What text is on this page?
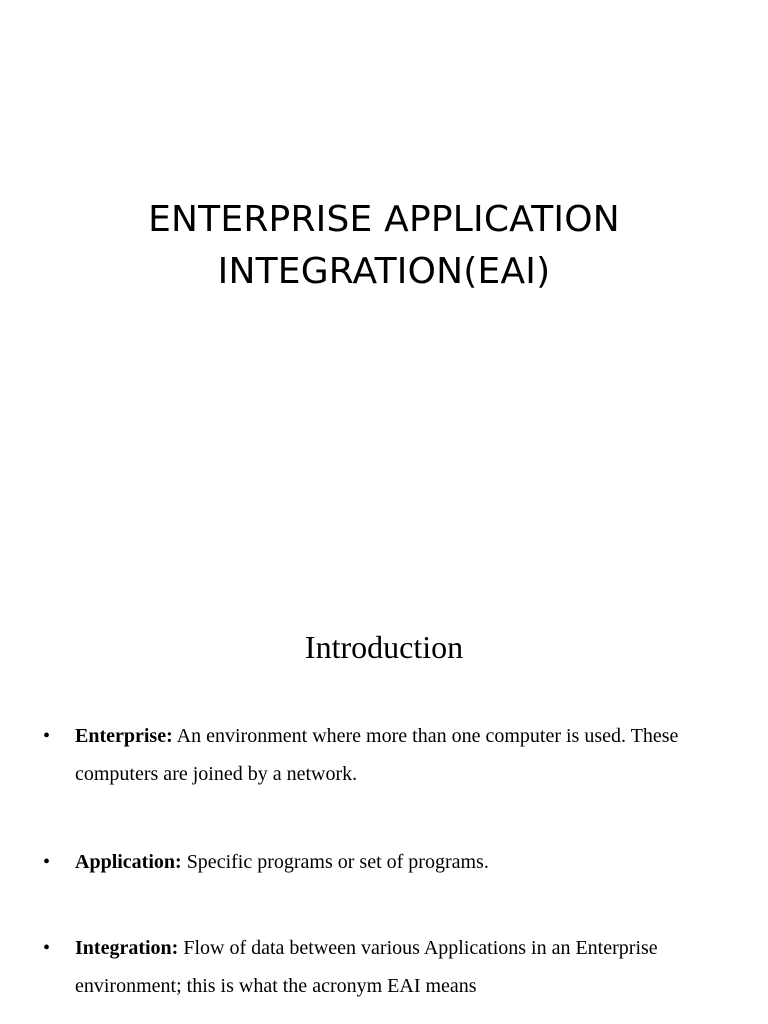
ENTERPRISE APPLICATION
INTEGRATION(EAI)
Introduction
• Enterprise: An environment where more than one computer is used. These computers are joined by a network.
• Application: Specific programs or set of programs.
• Integration: Flow of data between various Applications in an Enterprise environment; this is what the acronym EAI means
